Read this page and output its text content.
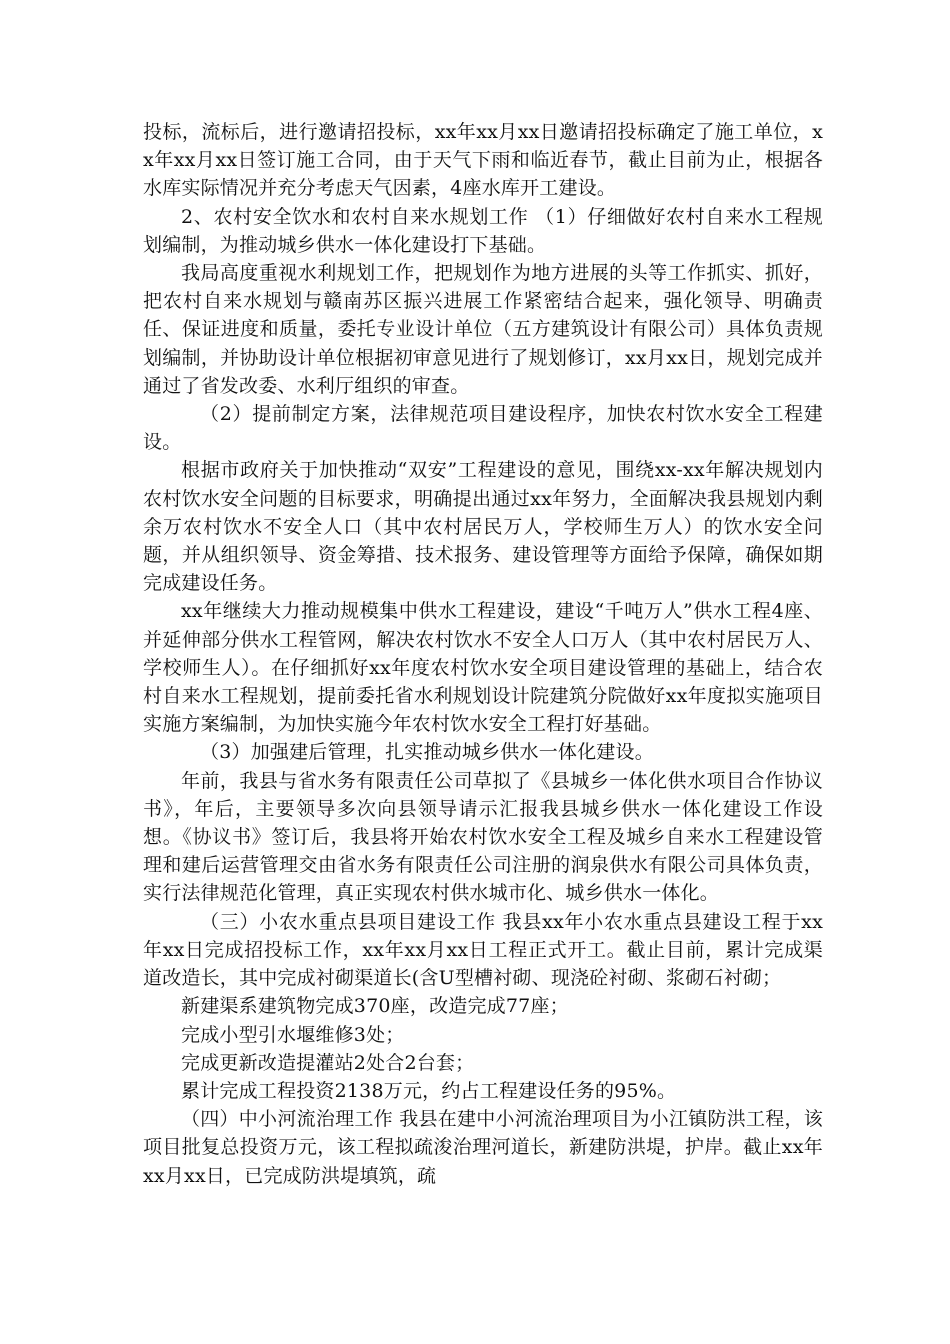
投标，流标后，进行邀请招投标，xx年xx月xx日邀请招投标确定了施工单位，xx年xx月xx日签订施工合同，由于天气下雨和临近春节，截止目前为止，根据各水库实际情况并充分考虑天气因素，4座水库开工建设。

2、农村安全饮水和农村自来水规划工作 （1）仔细做好农村自来水工程规划编制，为推动城乡供水一体化建设打下基础。

我局高度重视水利规划工作，把规划作为地方进展的头等工作抓实、抓好，把农村自来水规划与赣南苏区振兴进展工作紧密结合起来，强化领导、明确责任、保证进度和质量，委托专业设计单位（五方建筑设计有限公司）具体负责规划编制，并协助设计单位根据初审意见进行了规划修订，xx月xx日，规划完成并通过了省发改委、水利厅组织的审查。

（2）提前制定方案，法律规范项目建设程序，加快农村饮水安全工程建设。

根据市政府关于加快推动“双安”工程建设的意见，围绕xx-xx年解决规划内农村饮水安全问题的目标要求，明确提出通过xx年努力，全面解决我县规划内剩余万农村饮水不安全人口（其中农村居民万人，学校师生万人）的饮水安全问题，并从组织领导、资金筹措、技术报务、建设管理等方面给予保障，确保如期完成建设任务。

xx年继续大力推动规模集中供水工程建设，建设“千吨万人”供水工程4座、并延伸部分供水工程管网，解决农村饮水不安全人口万人（其中农村居民万人、学校师生人）。在仔细抓好xx年度农村饮水安全项目建设管理的基础上，结合农村自来水工程规划，提前委托省水利规划设计院建筑分院做好xx年度拟实施项目实施方案编制，为加快实施今年农村饮水安全工程打好基础。

（3）加强建后管理，扎实推动城乡供水一体化建设。

年前，我县与省水务有限责任公司草拟了《县城乡一体化供水项目合作协议书》，年后，主要领导多次向县领导请示汇报我县城乡供水一体化建设工作设想。《协议书》签订后，我县将开始农村饮水安全工程及城乡自来水工程建设管理和建后运营管理交由省水务有限责任公司注册的润泉供水有限公司具体负责，实行法律规范化管理，真正实现农村供水城市化、城乡供水一体化。

（三）小农水重点县项目建设工作 我县xx年小农水重点县建设工程于xx年xx日完成招投标工作，xx年xx月xx日工程正式开工。截止目前，累计完成渠道改造长，其中完成衬砌渠道长(含U型槽衬砌、现浇砼衬砌、浆砌石衬砌；

新建渠系建筑物完成370座，改造完成77座；

完成小型引水堰维修3处；

完成更新改造提灌站2处合2台套；

累计完成工程投资2138万元，约占工程建设任务的95%。

（四）中小河流治理工作 我县在建中小河流治理项目为小江镇防洪工程，该项目批复总投资万元，该工程拟疏浚治理河道长，新建防洪堤，护岸。截止xx年xx月xx日，已完成防洪堤填筑，疏
